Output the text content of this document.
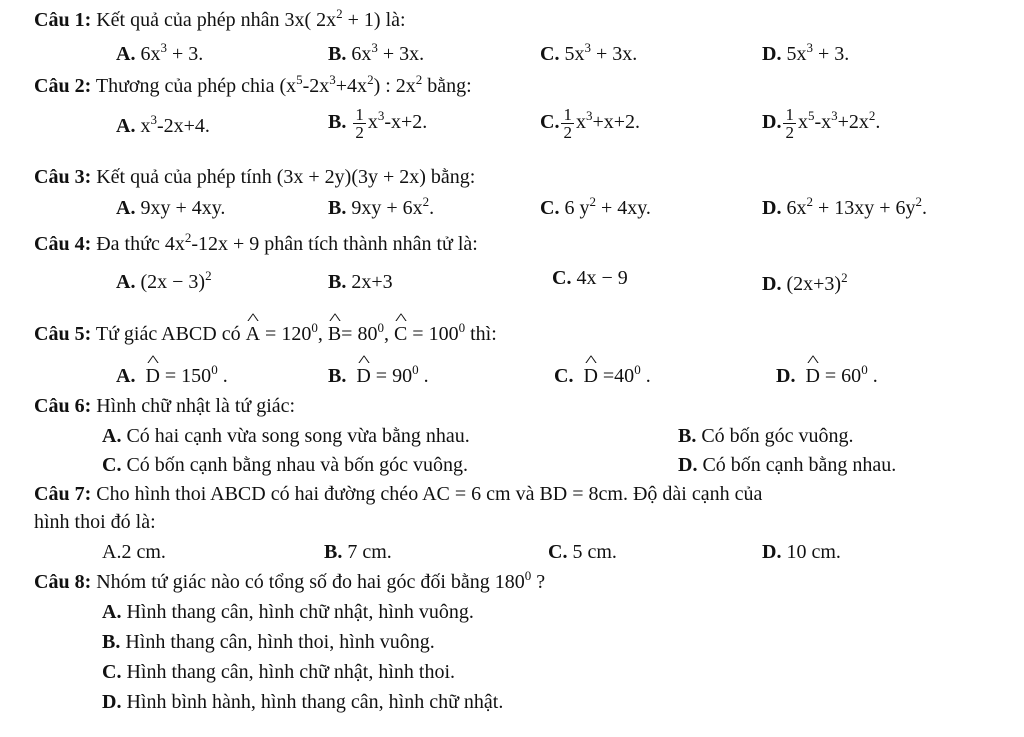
Câu 1: Kết quả của phép nhân 3x( $2x^2 + 1$) là:
A. $6x^3 + 3$.	B. $6x^3 + 3x$.	C. $5x^3 + 3x$.	D. $5x^3 + 3$.
Câu 2: Thương của phép chia $(x^5-2x^3+4x^2)$ : $2x^2$ bằng:
A. $x^3-2x+4$.	B. $\frac{1}{2} x^3-x+2$.	C. $\frac{1}{2} x^3+x+2$.	D. $\frac{1}{2} x^5-x^3+2x^2$.
Câu 3: Kết quả của phép tính (3x + 2y)(3y + 2x) bằng:
A. 9xy + 4xy.	B. $9xy + 6x^2$.	C. 6 $y^2 + 4xy$.	D. $6x^2 + 13xy + 6y^2$.
Câu 4: Đa thức $4x^2-12x + 9$ phân tích thành nhân tử là:
A. $(2x - 3)^2$	B. 2x+3	C. 4x − 9	D. $(2x+3)^2$
Câu 5: Tứ giác ABCD có A ^ = $120^0$, B ^= $80^0$, C ^ = $100^0$ thì:
A. D ^ = $150^0$ .	B. D ^ = $90^0$ .	C. D ^ $=40^0$ .	D. D ^ = $60^0$ .
Câu 6: Hình chữ nhật là tứ giác:
A. Có hai cạnh vừa song song vừa bằng nhau.	B. Có bốn góc vuông.
C. Có bốn cạnh bằng nhau và bốn góc vuông.	D. Có bốn cạnh bằng nhau.
Câu 7: Cho hình thoi ABCD có hai đường chéo AC = 6 cm và BD = 8cm. Độ dài cạnh của
hình thoi đó là:
A.2 cm.	B. 7 cm.	C. 5 cm.	D. 10 cm.
Câu 8: Nhóm tứ giác nào có tổng số đo hai góc đối bằng $180^0$ ?
A. Hình thang cân, hình chữ nhật, hình vuông.
B. Hình thang cân, hình thoi, hình vuông.
C. Hình thang cân, hình chữ nhật, hình thoi.
D. Hình bình hành, hình thang cân, hình chữ nhật.
